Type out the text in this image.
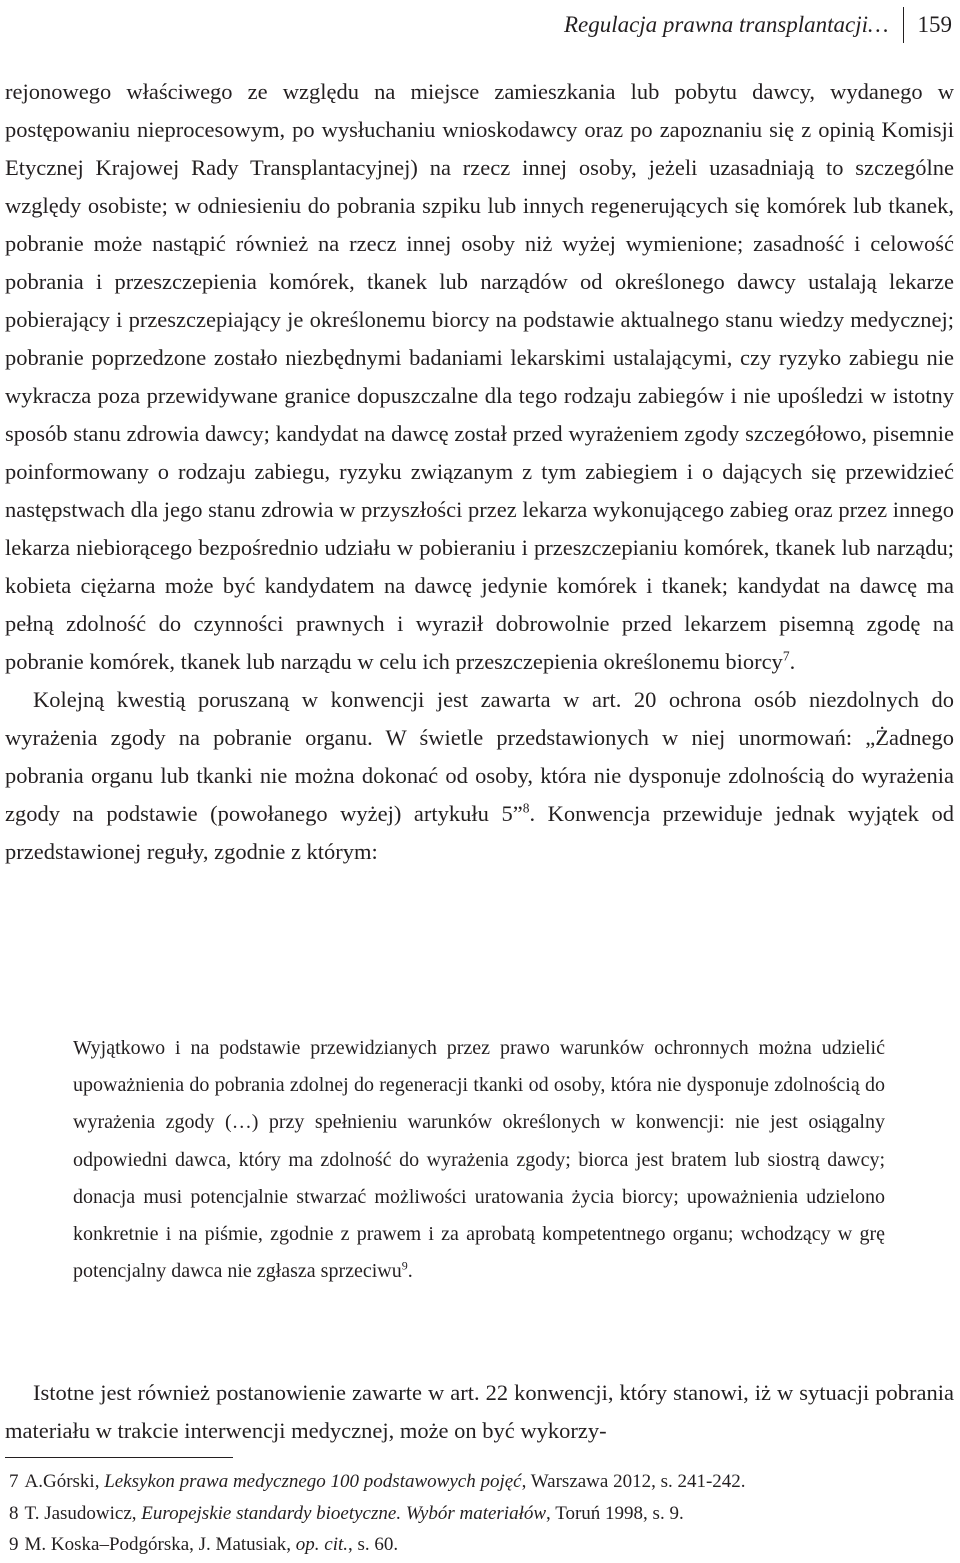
Regulacja prawna transplantacji…	159

rejonowego właściwego ze względu na miejsce zamieszkania lub pobytu dawcy, wydanego w postępowaniu nieprocesowym, po wysłuchaniu wnioskodawcy oraz po zapoznaniu się z opinią Komisji Etycznej Krajowej Rady Transplantacyjnej) na rzecz innej osoby, jeżeli uzasadniają to szczególne względy osobiste; w odniesieniu do pobrania szpiku lub innych regenerujących się komórek lub tkanek, pobranie może nastąpić również na rzecz innej osoby niż wyżej wymienione; zasadność i celowość pobrania i przeszczepienia komórek, tkanek lub narządów od określonego dawcy ustalają lekarze pobierający i przeszczepiający je określonemu biorcy na podstawie aktualnego stanu wiedzy medycznej; pobranie poprzedzone zostało niezbędnymi badaniami lekarskimi ustalającymi, czy ryzyko zabiegu nie wykracza poza przewidywane granice dopuszczalne dla tego rodzaju zabiegów i nie upośledzi w istotny sposób stanu zdrowia dawcy; kandydat na dawcę został przed wyrażeniem zgody szczegółowo, pisemnie poinformowany o rodzaju zabiegu, ryzyku związanym z tym zabiegiem i o dających się przewidzieć następstwach dla jego stanu zdrowia w przyszłości przez lekarza wykonującego zabieg oraz przez innego lekarza niebiorącego bezpośrednio udziału w pobieraniu i przeszczepianiu komórek, tkanek lub narządu; kobieta ciężarna może być kandydatem na dawcę jedynie komórek i tkanek; kandydat na dawcę ma pełną zdolność do czynności prawnych i wyraził dobrowolnie przed lekarzem pisemną zgodę na pobranie komórek, tkanek lub narządu w celu ich przeszczepienia określonemu biorcy$^7$.

Kolejną kwestią poruszaną w konwencji jest zawarta w art. 20 ochrona osób niezdolnych do wyrażenia zgody na pobranie organu. W świetle przedstawionych w niej unormowań: „Żadnego pobrania organu lub tkanki nie można dokonać od osoby, która nie dysponuje zdolnością do wyrażenia zgody na podstawie (powołanego wyżej) artykułu 5”$^8$. Konwencja przewiduje jednak wyjątek od przedstawionej reguły, zgodnie z którym:

Wyjątkowo i na podstawie przewidzianych przez prawo warunków ochronnych można udzielić upoważnienia do pobrania zdolnej do regeneracji tkanki od osoby, która nie dysponuje zdolnością do wyrażenia zgody (…) przy spełnieniu warunków określonych w konwencji: nie jest osiągalny odpowiedni dawca, który ma zdolność do wyrażenia zgody; biorca jest bratem lub siostrą dawcy; donacja musi potencjalnie stwarzać możliwości uratowania życia biorcy; upoważnienia udzielono konkretnie i na piśmie, zgodnie z prawem i za aprobatą kompetentnego organu; wchodzący w grę potencjalny dawca nie zgłasza sprzeciwu$^9$.

Istotne jest również postanowienie zawarte w art. 22 konwencji, który stanowi, iż w sytuacji pobrania materiału w trakcie interwencji medycznej, może on być wykorzy-

7 A.Górski, Leksykon prawa medycznego 100 podstawowych pojęć, Warszawa 2012, s. 241-242.

8 T. Jasudowicz, Europejskie standardy bioetyczne. Wybór materiałów, Toruń 1998, s. 9.

9 M. Koska–Podgórska, J. Matusiak, op. cit., s. 60.
